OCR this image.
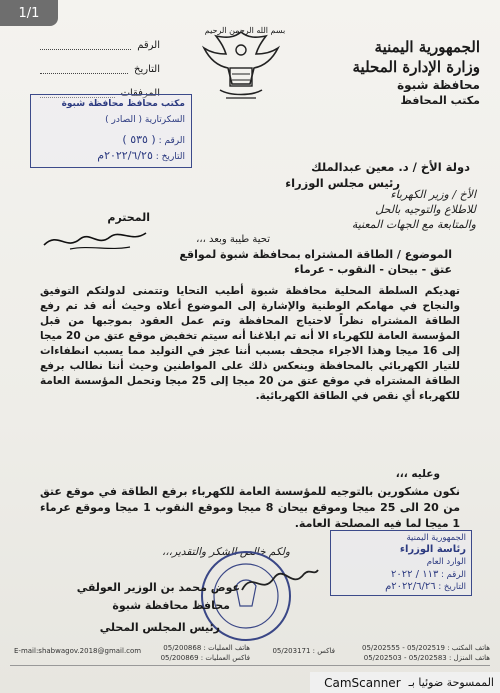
1/1
الجمهورية اليمنية
وزارة الإدارة المحلية
محافظة شبوة
مكتب المحافظ
بسم الله الرحمن الرحيم
الرقم
التاريخ
المرفقات
مكتب محافظ محافظة شبوة
السكرتارية ( الصادر )
الرقم : ( ٥٣٥ )
التاريخ : ٢٠٢٢/٦/٢٥م
دولة الأخ / د. معين عبدالملك
رئيس مجلس الوزراء
المحترم
الأخ / وزير الكهرباء
للاطلاع والتوجيه بالحل
والمتابعة مع الجهات المعنية
تحية طيبة وبعد ،،،
الموضوع / الطاقة المشتراه بمحافظة شبوة لمواقع
عتق - بيحان - النقوب - عرماء
تهديكم السلطة المحلية محافظة شبوة أطيب التحايا وتتمنى لدولتكم التوفيق والنجاح في مهامكم الوطنية والإشارة إلى الموضوع أعلاه وحيث أنه قد تم رفع الطاقة المشتراه نظراً لاحتياج المحافظة وتم عمل العقود بموجبها من قبل المؤسسة العامة للكهرباء الا أنه تم ابلاغنا أنه سيتم تخفيض موقع عتق من 20 ميجا إلى 16 ميجا وهذا الاجراء مجحف بسبب أننا عجز في التوليد مما يسبب انطفاءات للتيار الكهربائي بالمحافظة وينعكس ذلك على المواطنين وحيث أننا نطالب برفع الطاقة المشتراه في موقع عتق من 20 ميجا إلى 25 ميجا وتحمل المؤسسة العامة للكهرباء أي نقص في الطاقة الكهربائية.
وعليه ،،،
نكون مشكورين بالتوجيه للمؤسسة العامة للكهرباء برفع الطاقة في موقع عتق من 20 الى 25 ميجا وموقع بيحان 8 ميجا وموقع النقوب 1 ميجا وموقع عرماء 1 ميجا لما فيه المصلحة العامة.
ولكم خالص الشكر والتقدير،،،
عوض محمد بن الوزير العولقي
محافظ محافظة شبوة
رئيس المجلس المحلي
الجمهورية اليمنية
رئاسة الوزراء
الوارد العام
الرقم : ١١٣ / ٢٠٢٢
التاريخ : ٢٠٢٢/٦/٢٦م
E-mail:shabwagov.2018@gmail.com	هاتف العمليات : 05/200868
فاكس العمليات : 05/200869
فاكس : 05/203171	هاتف المكتب : 05/202519 - 05/202555
هاتف المنزل : 05/202583 - 05/202503
CamScanner الممسوحة ضوئيا بـ
